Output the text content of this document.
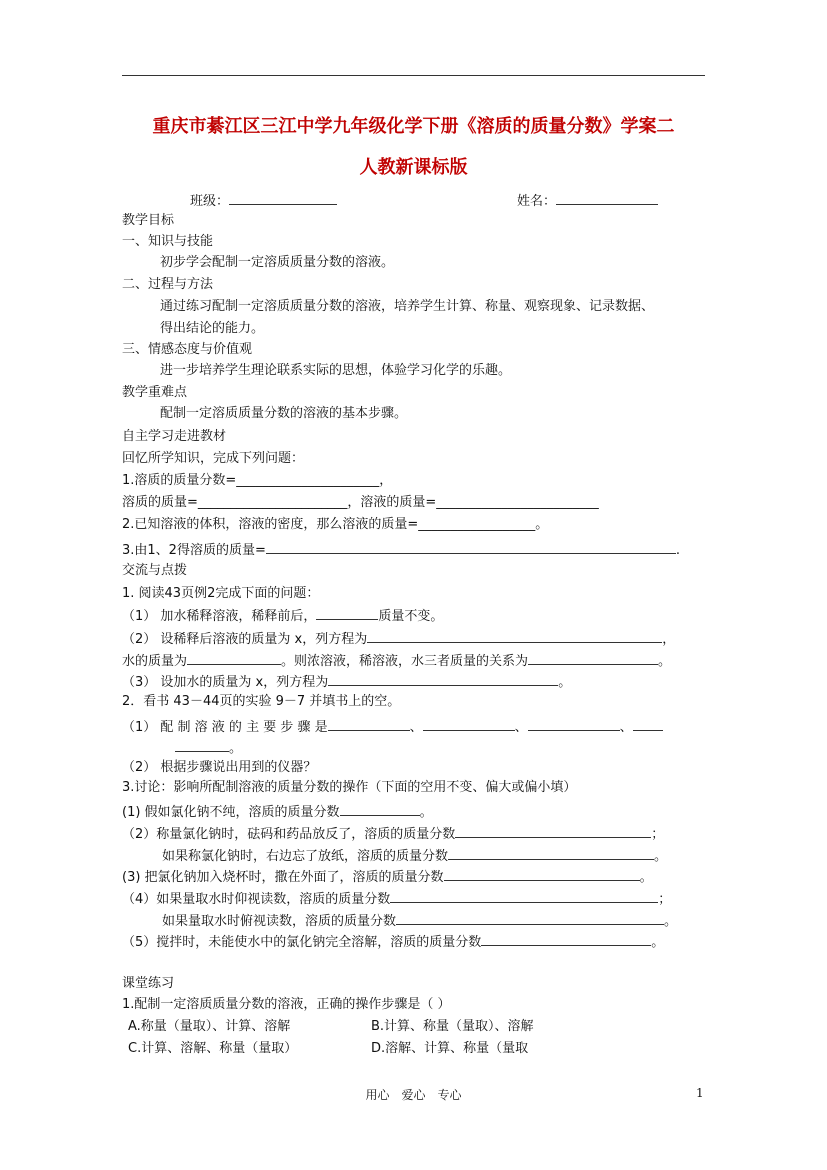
重庆市綦江区三江中学九年级化学下册《溶质的质量分数》学案二
人教新课标版
班级：	姓名：
教学目标
一、知识与技能
初步学会配制一定溶质质量分数的溶液。
二、过程与方法
通过练习配制一定溶质质量分数的溶液，培养学生计算、称量、观察现象、记录数据、
得出结论的能力。
三、情感态度与价值观
进一步培养学生理论联系实际的思想，体验学习化学的乐趣。
教学重难点
配制一定溶质质量分数的溶液的基本步骤。
自主学习走进教材
回忆所学知识，完成下列问题：
1.溶质的质量分数=______________________，
溶质的质量=_______________________，溶液的质量=_________________________
2.已知溶液的体积，溶液的密度，那么溶液的质量=__________________。
3.由1、2得溶质的质量=	.
交流与点拨
1. 阅读43页例2完成下面的问题：
（1） 加水稀释溶液，稀释前后，	质量不变。
（2） 设稀释后溶液的质量为 x，列方程为	，
水的质量为	。则浓溶液，稀溶液，水三者质量的关系为	。
（3） 设加水的质量为 x，列方程为	。
2．看书 43－44页的实验 9－7 并填书上的空。
（1） 配 制 溶 液 的 主 要 步 骤 是	、	、	、
。
（2） 根据步骤说出用到的仪器？
3.讨论：影响所配制溶液的质量分数的操作（下面的空用不变、偏大或偏小填）
(1) 假如氯化钠不纯，溶质的质量分数	。
（2）称量氯化钠时，砝码和药品放反了，溶质的质量分数	；
如果称氯化钠时，右边忘了放纸，溶质的质量分数	。
(3) 把氯化钠加入烧杯时，撒在外面了，溶质的质量分数	。
（4）如果量取水时仰视读数，溶质的质量分数	；
如果量取水时俯视读数，溶质的质量分数	。
（5）搅拌时，未能使水中的氯化钠完全溶解，溶质的质量分数	。
课堂练习
1.配制一定溶质质量分数的溶液，正确的操作步骤是（ ）
A.称量（量取）、计算、溶解	B.计算、称量（量取）、溶解
C.计算、溶解、称量（量取）	D.溶解、计算、称量（量取
用心　爱心　专心	1
